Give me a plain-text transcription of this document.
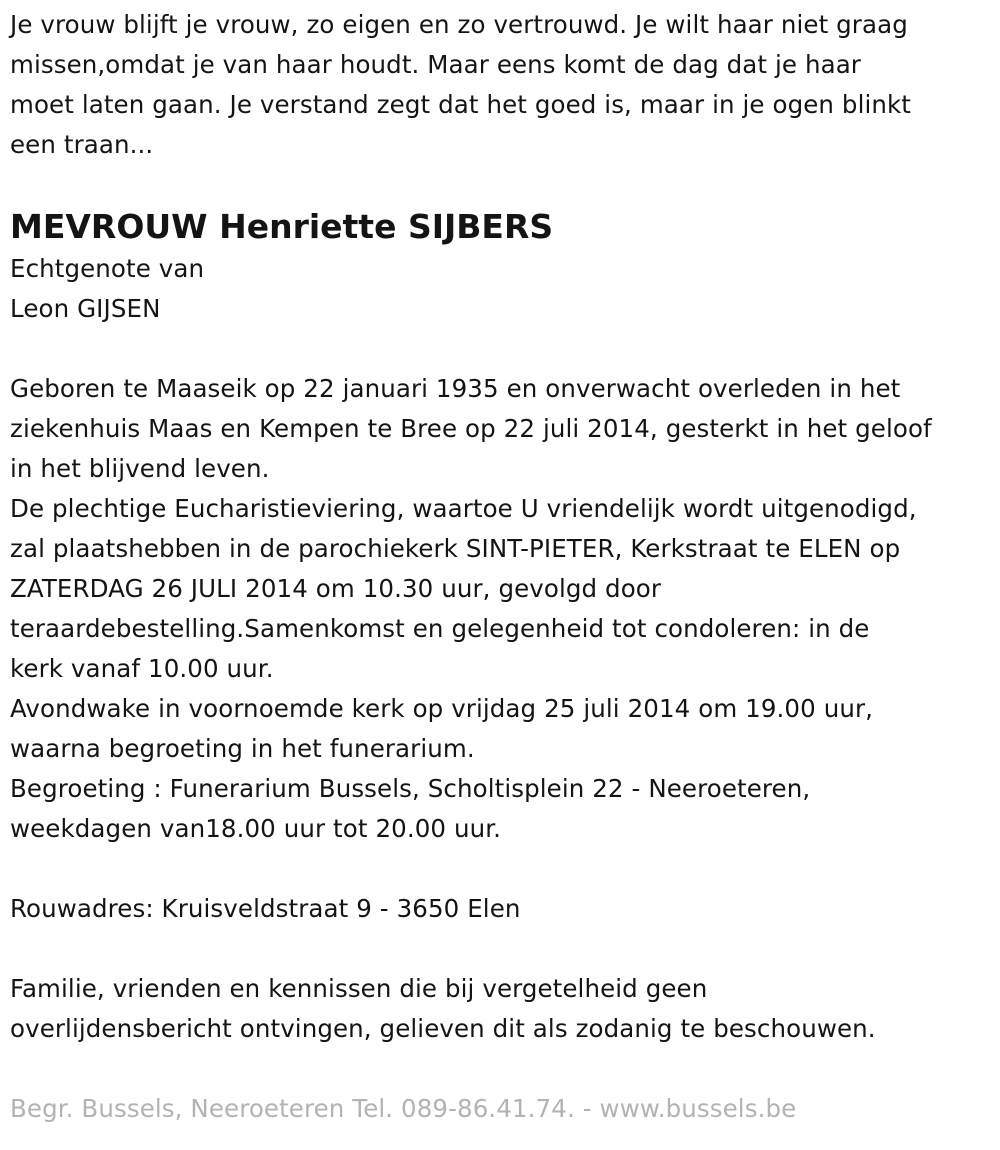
Je vrouw blijft je vrouw, zo eigen en zo vertrouwd. Je wilt haar niet graag
missen,omdat je van haar houdt. Maar eens komt de dag dat je haar
moet laten gaan. Je verstand zegt dat het goed is, maar in je ogen blinkt
een traan...

MEVROUW Henriette SIJBERS

Echtgenote van
Leon GIJSEN

Geboren te Maaseik op 22 januari 1935 en onverwacht overleden in het
ziekenhuis Maas en Kempen te Bree op 22 juli 2014, gesterkt in het geloof
in het blijvend leven.
De plechtige Eucharistieviering, waartoe U vriendelijk wordt uitgenodigd,
zal plaatshebben in de parochiekerk SINT-PIETER, Kerkstraat te ELEN op
ZATERDAG 26 JULI 2014 om 10.30 uur, gevolgd door
teraardebestelling.Samenkomst en gelegenheid tot condoleren: in de
kerk vanaf 10.00 uur.
Avondwake in voornoemde kerk op vrijdag 25 juli 2014 om 19.00 uur,
waarna begroeting in het funerarium.
Begroeting : Funerarium Bussels, Scholtisplein 22 - Neeroeteren,
weekdagen van18.00 uur tot 20.00 uur.

Rouwadres: Kruisveldstraat 9 - 3650 Elen

Familie, vrienden en kennissen die bij vergetelheid geen
overlijdensbericht ontvingen, gelieven dit als zodanig te beschouwen.

Begr. Bussels, Neeroeteren Tel. 089-86.41.74. - www.bussels.be
